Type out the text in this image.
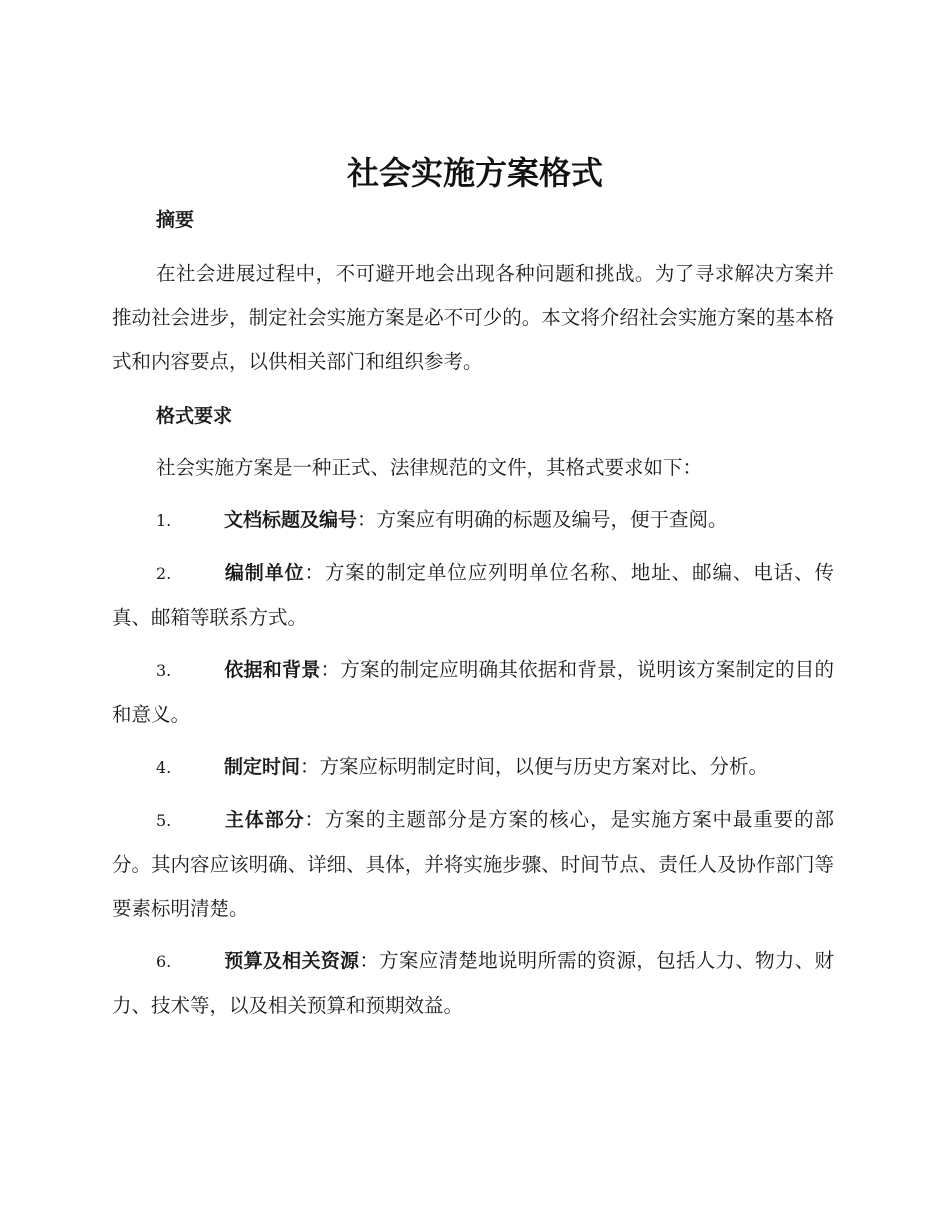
社会实施方案格式

摘要

在社会进展过程中，不可避开地会出现各种问题和挑战。为了寻求解决方案并推动社会进步，制定社会实施方案是必不可少的。本文将介绍社会实施方案的基本格式和内容要点，以供相关部门和组织参考。

格式要求

社会实施方案是一种正式、法律规范的文件，其格式要求如下：

1.	文档标题及编号：方案应有明确的标题及编号，便于查阅。

2.	编制单位：方案的制定单位应列明单位名称、地址、邮编、电话、传真、邮箱等联系方式。

3.	依据和背景：方案的制定应明确其依据和背景，说明该方案制定的目的和意义。

4.	制定时间：方案应标明制定时间，以便与历史方案对比、分析。

5.	主体部分：方案的主题部分是方案的核心，是实施方案中最重要的部分。其内容应该明确、详细、具体，并将实施步骤、时间节点、责任人及协作部门等要素标明清楚。

6.	预算及相关资源：方案应清楚地说明所需的资源，包括人力、物力、财力、技术等，以及相关预算和预期效益。
